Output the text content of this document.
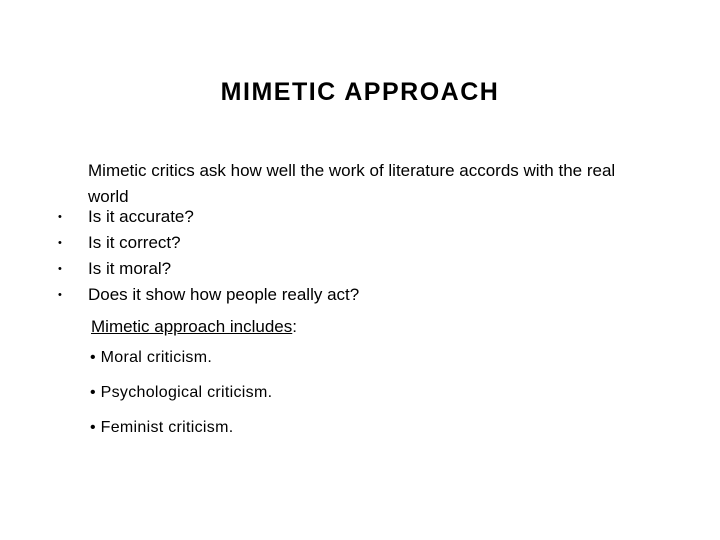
MIMETIC APPROACH
Mimetic critics ask how well the work of literature accords with the real
world
• Is it accurate?
• Is it correct?
• Is it moral?
• Does it show how people really act?
Mimetic approach includes:
• Moral criticism.
• Psychological criticism.
• Feminist criticism.
